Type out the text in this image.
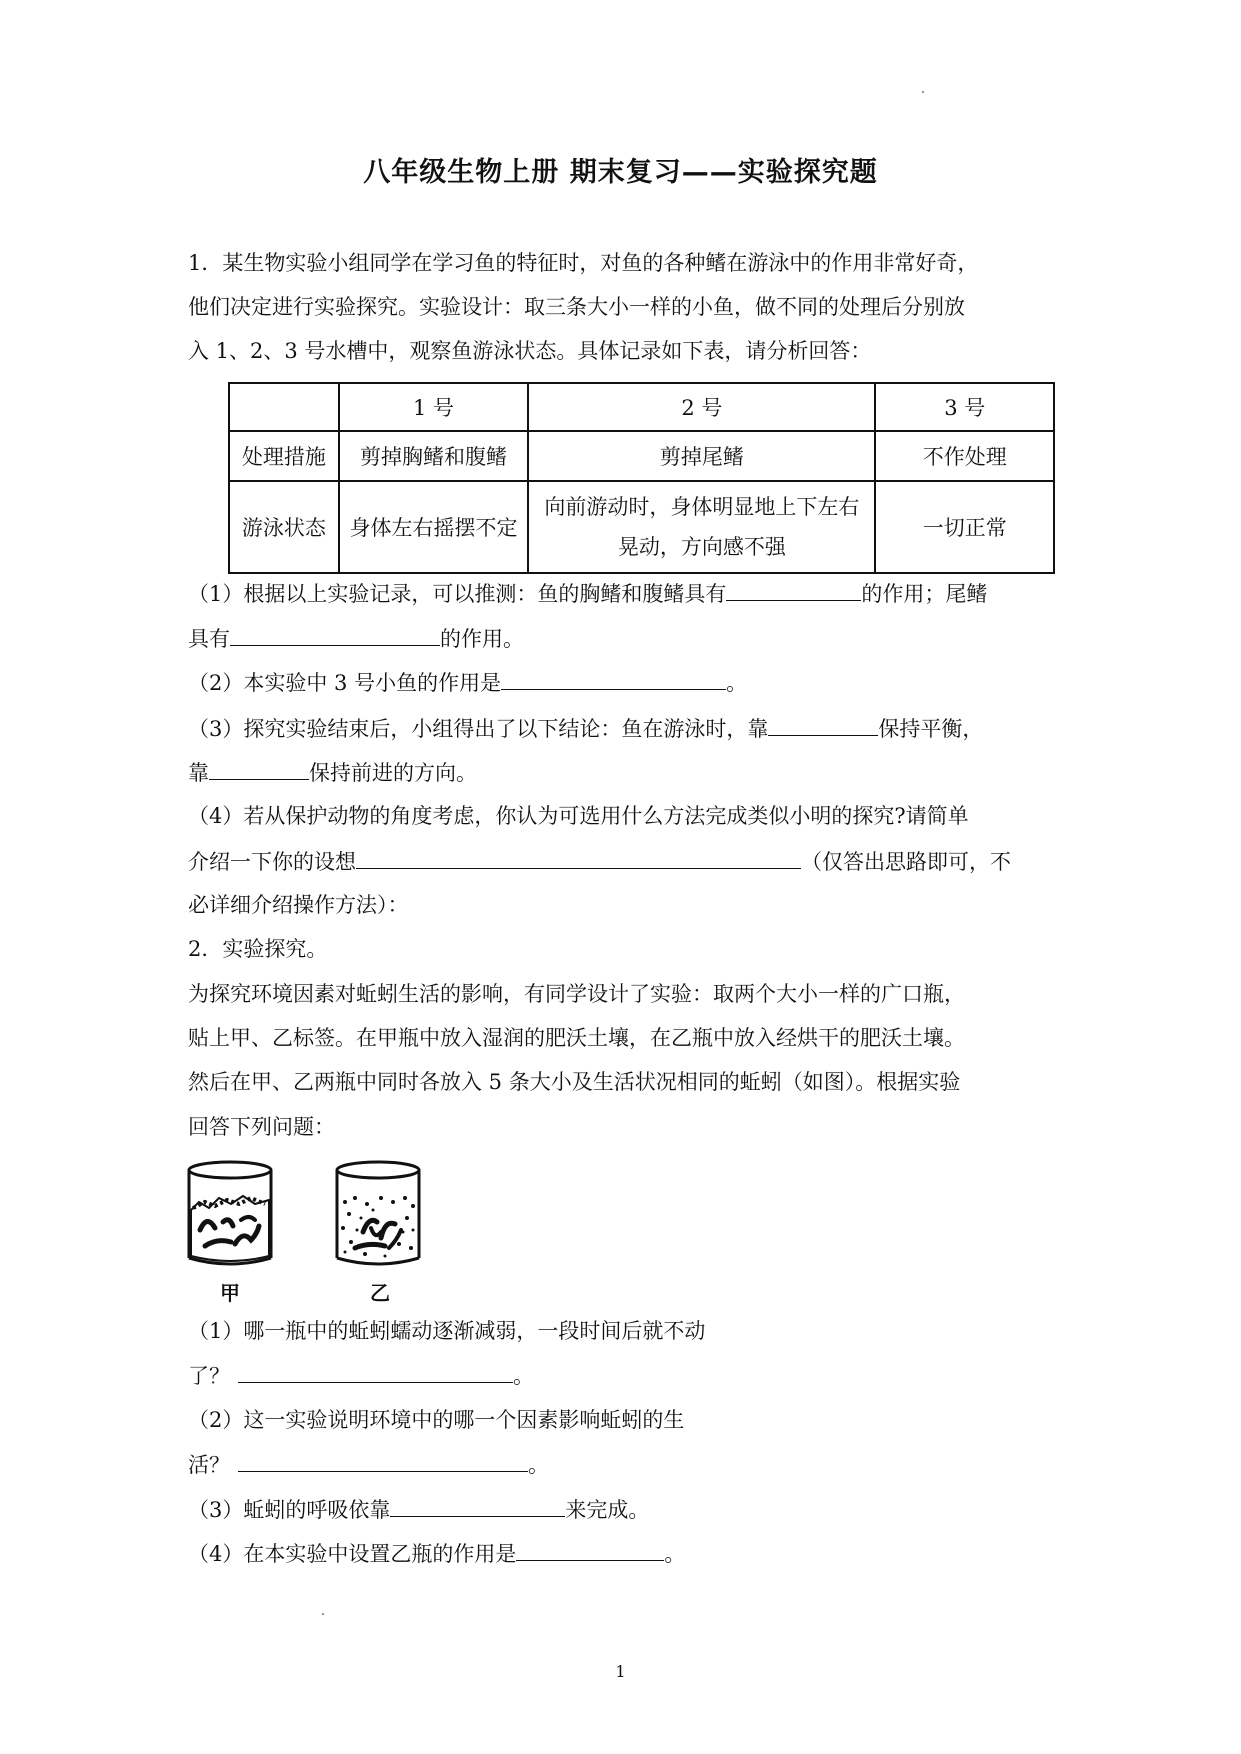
八年级生物上册 期末复习——实验探究题
1．某生物实验小组同学在学习鱼的特征时，对鱼的各种鳍在游泳中的作用非常好奇，
他们决定进行实验探究。实验设计：取三条大小一样的小鱼，做不同的处理后分别放
入 1、2、3 号水槽中，观察鱼游泳状态。具体记录如下表，请分析回答：
	1 号	2 号	3 号
处理措施	剪掉胸鳍和腹鳍	剪掉尾鳍	不作处理
游泳状态	身体左右摇摆不定	向前游动时，身体明显地上下左右
晃动，方向感不强	一切正常
（1）根据以上实验记录，可以推测：鱼的胸鳍和腹鳍具有	的作用；尾鳍
具有	的作用。
（2）本实验中 3 号小鱼的作用是	。
（3）探究实验结束后，小组得出了以下结论：鱼在游泳时，靠	保持平衡，
靠	保持前进的方向。
（4）若从保护动物的角度考虑，你认为可选用什么方法完成类似小明的探究?请简单
介绍一下你的设想	（仅答出思路即可，不
必详细介绍操作方法）：
2．实验探究。
为探究环境因素对蚯蚓生活的影响，有同学设计了实验：取两个大小一样的广口瓶，
贴上甲、乙标签。在甲瓶中放入湿润的肥沃土壤，在乙瓶中放入经烘干的肥沃土壤。
然后在甲、乙两瓶中同时各放入 5 条大小及生活状况相同的蚯蚓（如图）。根据实验
回答下列问题：
甲	乙
（1）哪一瓶中的蚯蚓蠕动逐渐减弱，一段时间后就不动
了？	。
（2）这一实验说明环境中的哪一个因素影响蚯蚓的生
活？	。
（3）蚯蚓的呼吸依靠	来完成。
（4）在本实验中设置乙瓶的作用是	。
1
